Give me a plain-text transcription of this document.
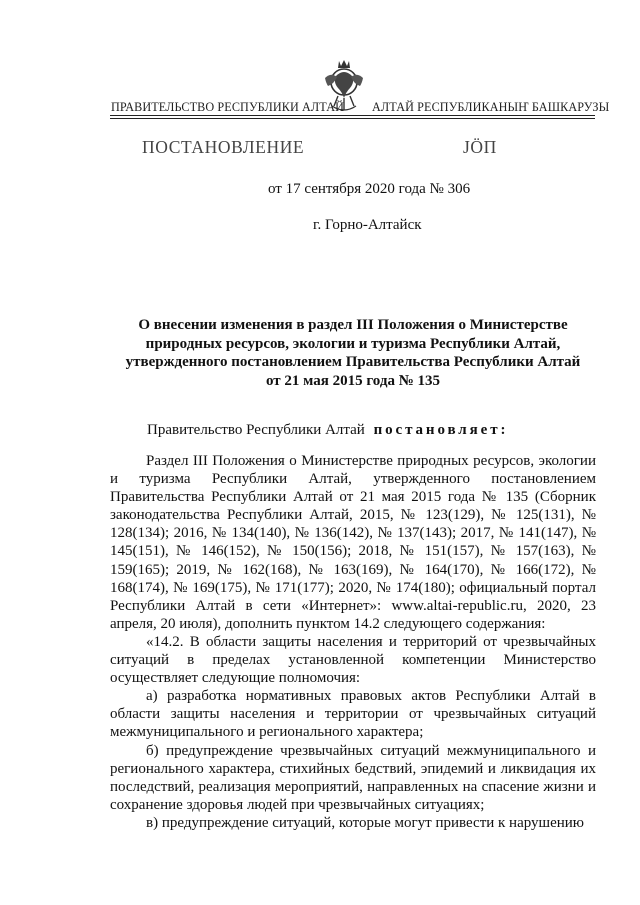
ПРАВИТЕЛЬСТВО РЕСПУБЛИКИ АЛТАЙ АЛТАЙ РЕСПУБЛИКАНЫҤ БАШКАРУЗЫ
ПОСТАНОВЛЕНИЕ	ЈӦП
от 17 сентября 2020 года № 306
г. Горно-Алтайск
О внесении изменения в раздел III Положения о Министерстве
природных ресурсов, экологии и туризма Республики Алтай,
утвержденного постановлением Правительства Республики Алтай
от 21 мая 2015 года № 135
Правительство Республики Алтай постановляет:

Раздел III Положения о Министерстве природных ресурсов, экологии и туризма Республики Алтай, утвержденного постановлением Правительства Республики Алтай от 21 мая 2015 года № 135 (Сборник законодательства Республики Алтай, 2015, № 123(129), № 125(131), № 128(134); 2016, № 134(140), № 136(142), № 137(143); 2017, № 141(147), № 145(151), № 146(152), № 150(156); 2018, № 151(157), № 157(163), № 159(165); 2019, № 162(168), № 163(169), № 164(170), № 166(172), № 168(174), № 169(175), № 171(177); 2020, № 174(180); официальный портал Республики Алтай в сети «Интернет»: www.altai-republic.ru, 2020, 23 апреля, 20 июля), дополнить пунктом 14.2 следующего содержания:

«14.2. В области защиты населения и территорий от чрезвычайных ситуаций в пределах установленной компетенции Министерство осуществляет следующие полномочия:

а) разработка нормативных правовых актов Республики Алтай в области защиты населения и территории от чрезвычайных ситуаций межмуниципального и регионального характера;

б) предупреждение чрезвычайных ситуаций межмуниципального и регионального характера, стихийных бедствий, эпидемий и ликвидация их последствий, реализация мероприятий, направленных на спасение жизни и сохранение здоровья людей при чрезвычайных ситуациях;

в) предупреждение ситуаций, которые могут привести к нарушению
